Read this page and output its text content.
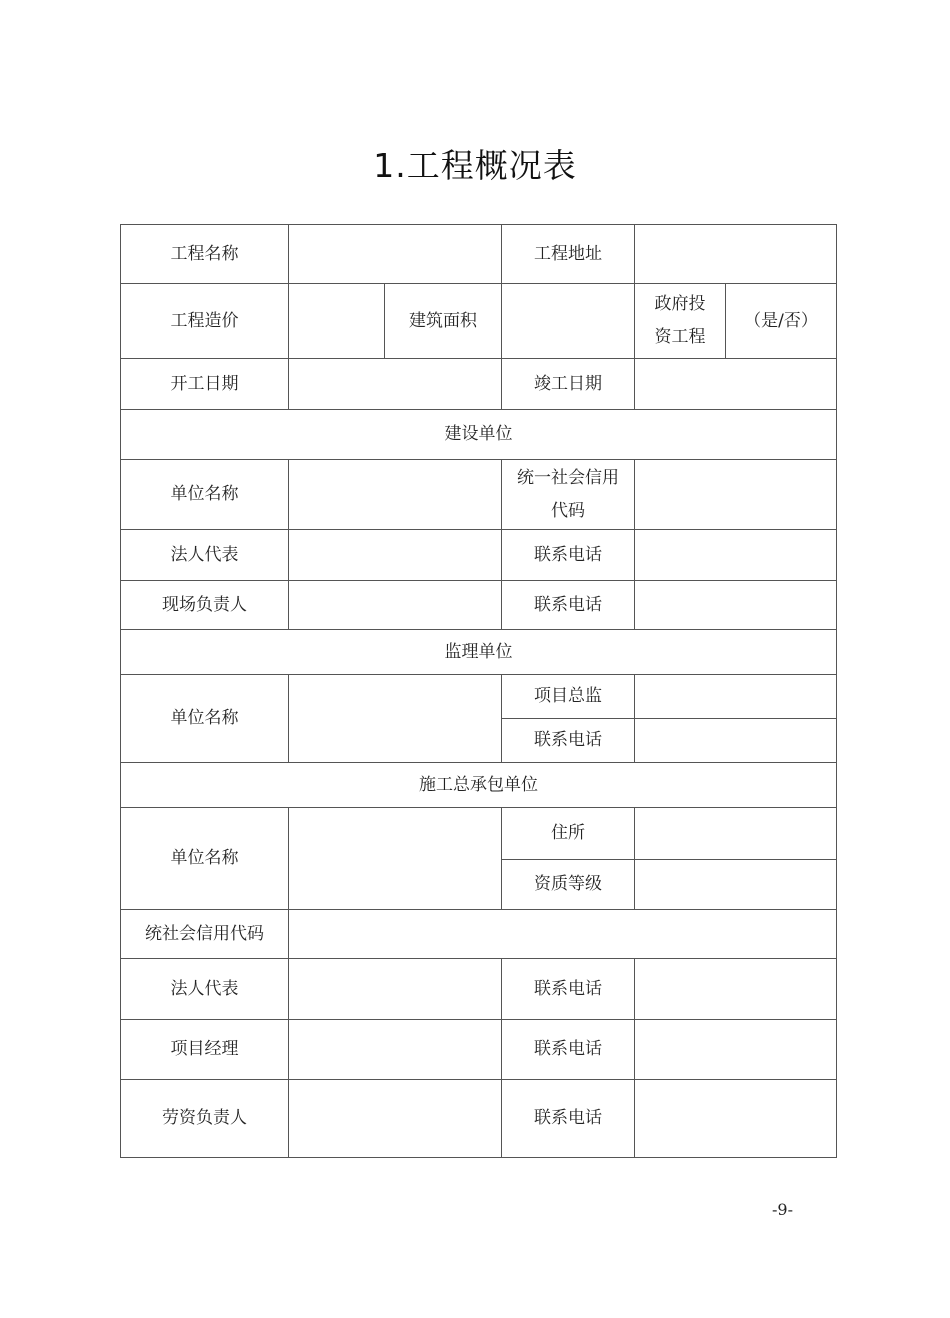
1.工程概况表
工程名称			工程地址		
工程造价		建筑面积		政府投资工程	（是/否）
开工日期			竣工日期		
建设单位					
单位名称			统一社会信用代码		
法人代表			联系电话		
现场负责人			联系电话		
监理单位					
单位名称			项目总监		
			联系电话		
施工总承包单位					
单位名称			住所		
			资质等级		
统社会信用代码					
法人代表			联系电话		
项目经理			联系电话		
劳资负责人			联系电话		
-9-
